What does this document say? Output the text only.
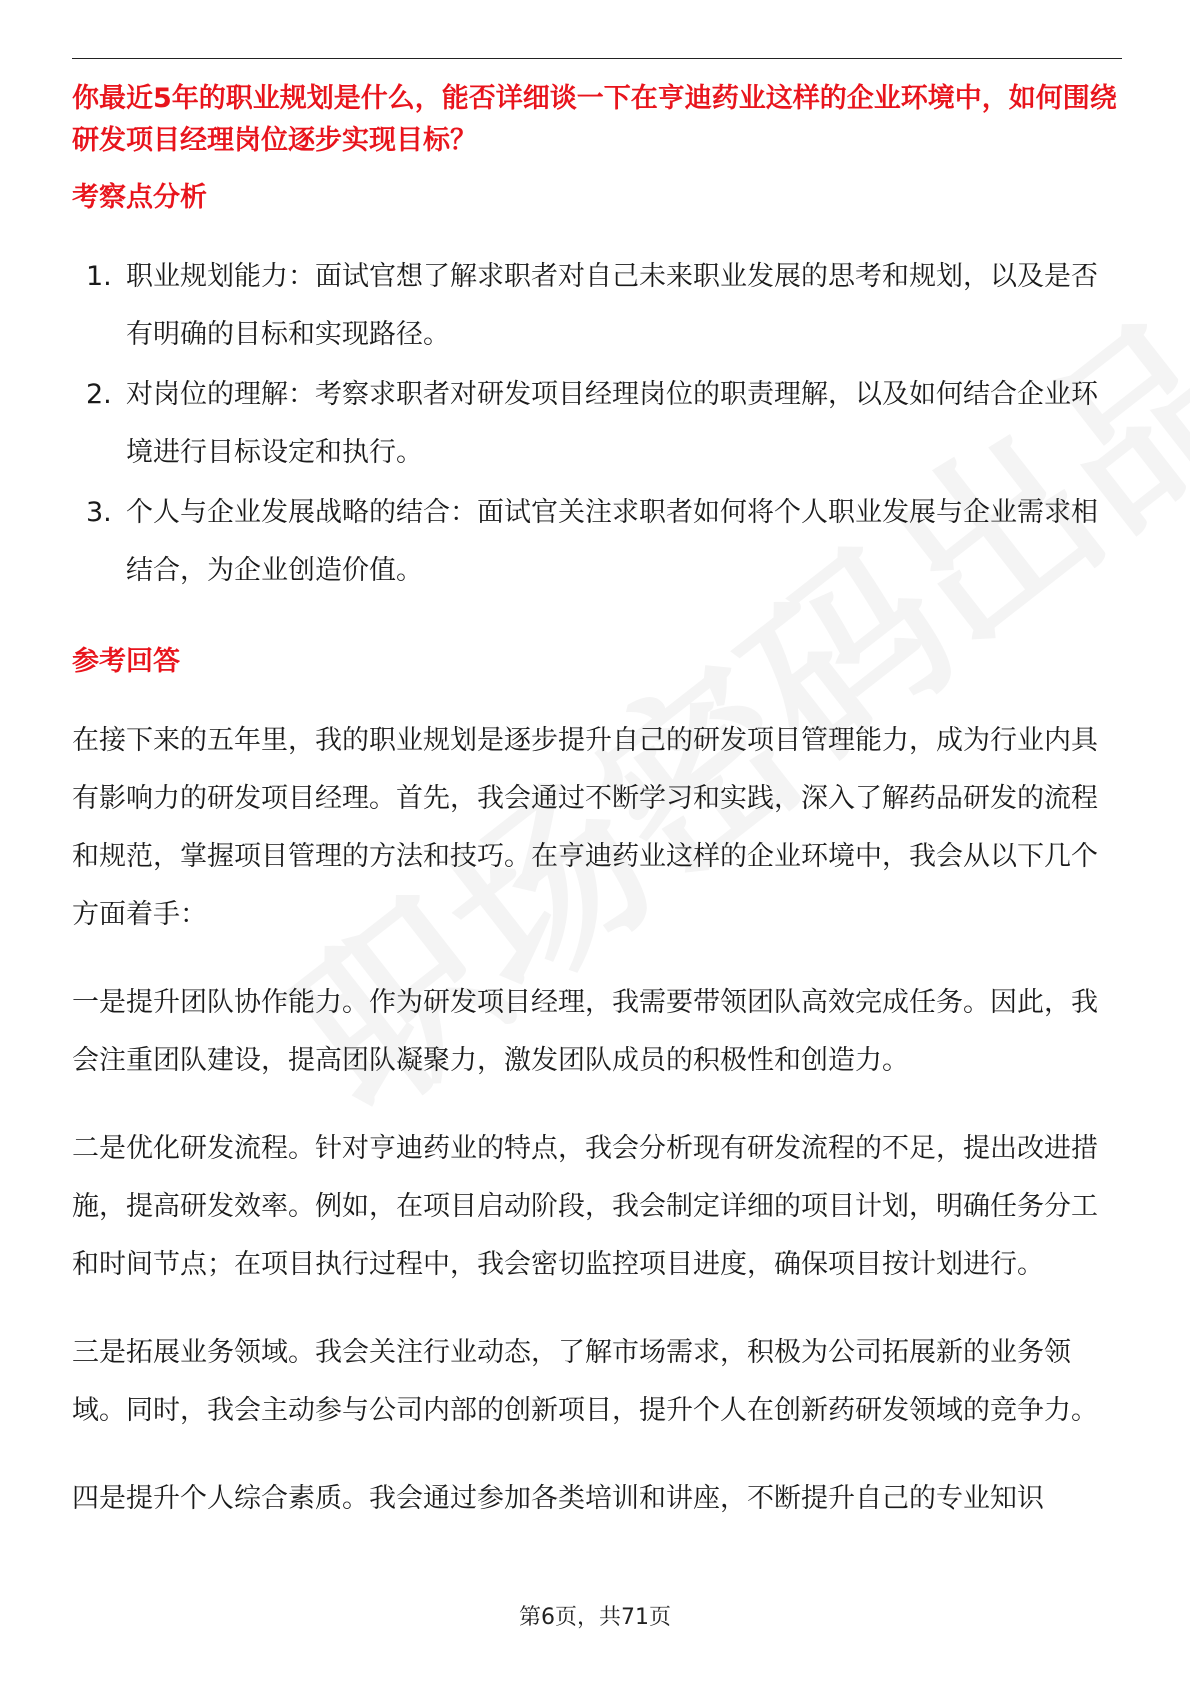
你最近5年的职业规划是什么，能否详细谈一下在亨迪药业这样的企业环境中，如何围绕研发项目经理岗位逐步实现目标？
考察点分析
1. 职业规划能力：面试官想了解求职者对自己未来职业发展的思考和规划，以及是否有明确的目标和实现路径。
2. 对岗位的理解：考察求职者对研发项目经理岗位的职责理解，以及如何结合企业环境进行目标设定和执行。
3. 个人与企业发展战略的结合：面试官关注求职者如何将个人职业发展与企业需求相结合，为企业创造价值。
参考回答

在接下来的五年里，我的职业规划是逐步提升自己的研发项目管理能力，成为行业内具有影响力的研发项目经理。首先，我会通过不断学习和实践，深入了解药品研发的流程和规范，掌握项目管理的方法和技巧。在亨迪药业这样的企业环境中，我会从以下几个方面着手：

一是提升团队协作能力。作为研发项目经理，我需要带领团队高效完成任务。因此，我会注重团队建设，提高团队凝聚力，激发团队成员的积极性和创造力。

二是优化研发流程。针对亨迪药业的特点，我会分析现有研发流程的不足，提出改进措施，提高研发效率。例如，在项目启动阶段，我会制定详细的项目计划，明确任务分工和时间节点；在项目执行过程中，我会密切监控项目进度，确保项目按计划进行。

三是拓展业务领域。我会关注行业动态，了解市场需求，积极为公司拓展新的业务领域。同时，我会主动参与公司内部的创新项目，提升个人在创新药研发领域的竞争力。

四是提升个人综合素质。我会通过参加各类培训和讲座，不断提升自己的专业知识

第6页，共71页
